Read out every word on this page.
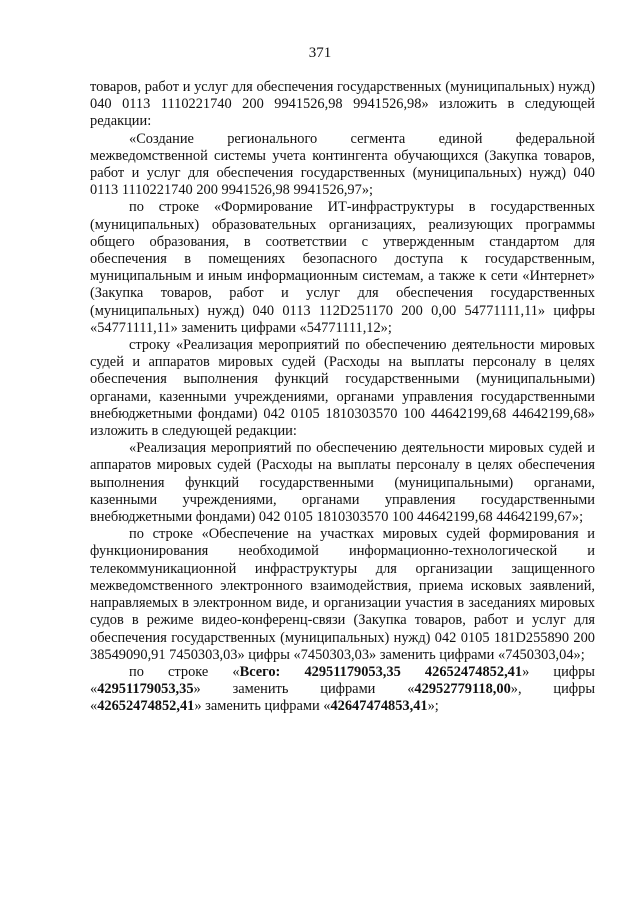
371

товаров, работ и услуг для обеспечения государственных (муниципальных) нужд) 040 0113 1110221740 200 9941526,98 9941526,98» изложить в следующей редакции:

«Создание регионального сегмента единой федеральной межведомственной системы учета контингента обучающихся (Закупка товаров, работ и услуг для обеспечения государственных (муниципальных) нужд) 040 0113 1110221740 200 9941526,98 9941526,97»;

по строке «Формирование ИТ-инфраструктуры в государственных (муниципальных) образовательных организациях, реализующих программы общего образования, в соответствии с утвержденным стандартом для обеспечения в помещениях безопасного доступа к государственным, муниципальным и иным информационным системам, а также к сети «Интернет» (Закупка товаров, работ и услуг для обеспечения государственных (муниципальных) нужд) 040 0113 112D251170 200 0,00 54771111,11» цифры «54771111,11» заменить цифрами «54771111,12»;

строку «Реализация мероприятий по обеспечению деятельности мировых судей и аппаратов мировых судей (Расходы на выплаты персоналу в целях обеспечения выполнения функций государственными (муниципальными) органами, казенными учреждениями, органами управления государственными внебюджетными фондами) 042 0105 1810303570 100 44642199,68 44642199,68» изложить в следующей редакции:

«Реализация мероприятий по обеспечению деятельности мировых судей и аппаратов мировых судей (Расходы на выплаты персоналу в целях обеспечения выполнения функций государственными (муниципальными) органами, казенными учреждениями, органами управления государственными внебюджетными фондами) 042 0105 1810303570 100 44642199,68 44642199,67»;

по строке «Обеспечение на участках мировых судей формирования и функционирования необходимой информационно-технологической и телекоммуникационной инфраструктуры для организации защищенного межведомственного электронного взаимодействия, приема исковых заявлений, направляемых в электронном виде, и организации участия в заседаниях мировых судов в режиме видео-конференц-связи (Закупка товаров, работ и услуг для обеспечения государственных (муниципальных) нужд) 042 0105 181D255890 200 38549090,91 7450303,03» цифры «7450303,03» заменить цифрами «7450303,04»;

по строке «Всего: 42951179053,35 42652474852,41» цифры «42951179053,35» заменить цифрами «42952779118,00», цифры «42652474852,41» заменить цифрами «42647474853,41»;
